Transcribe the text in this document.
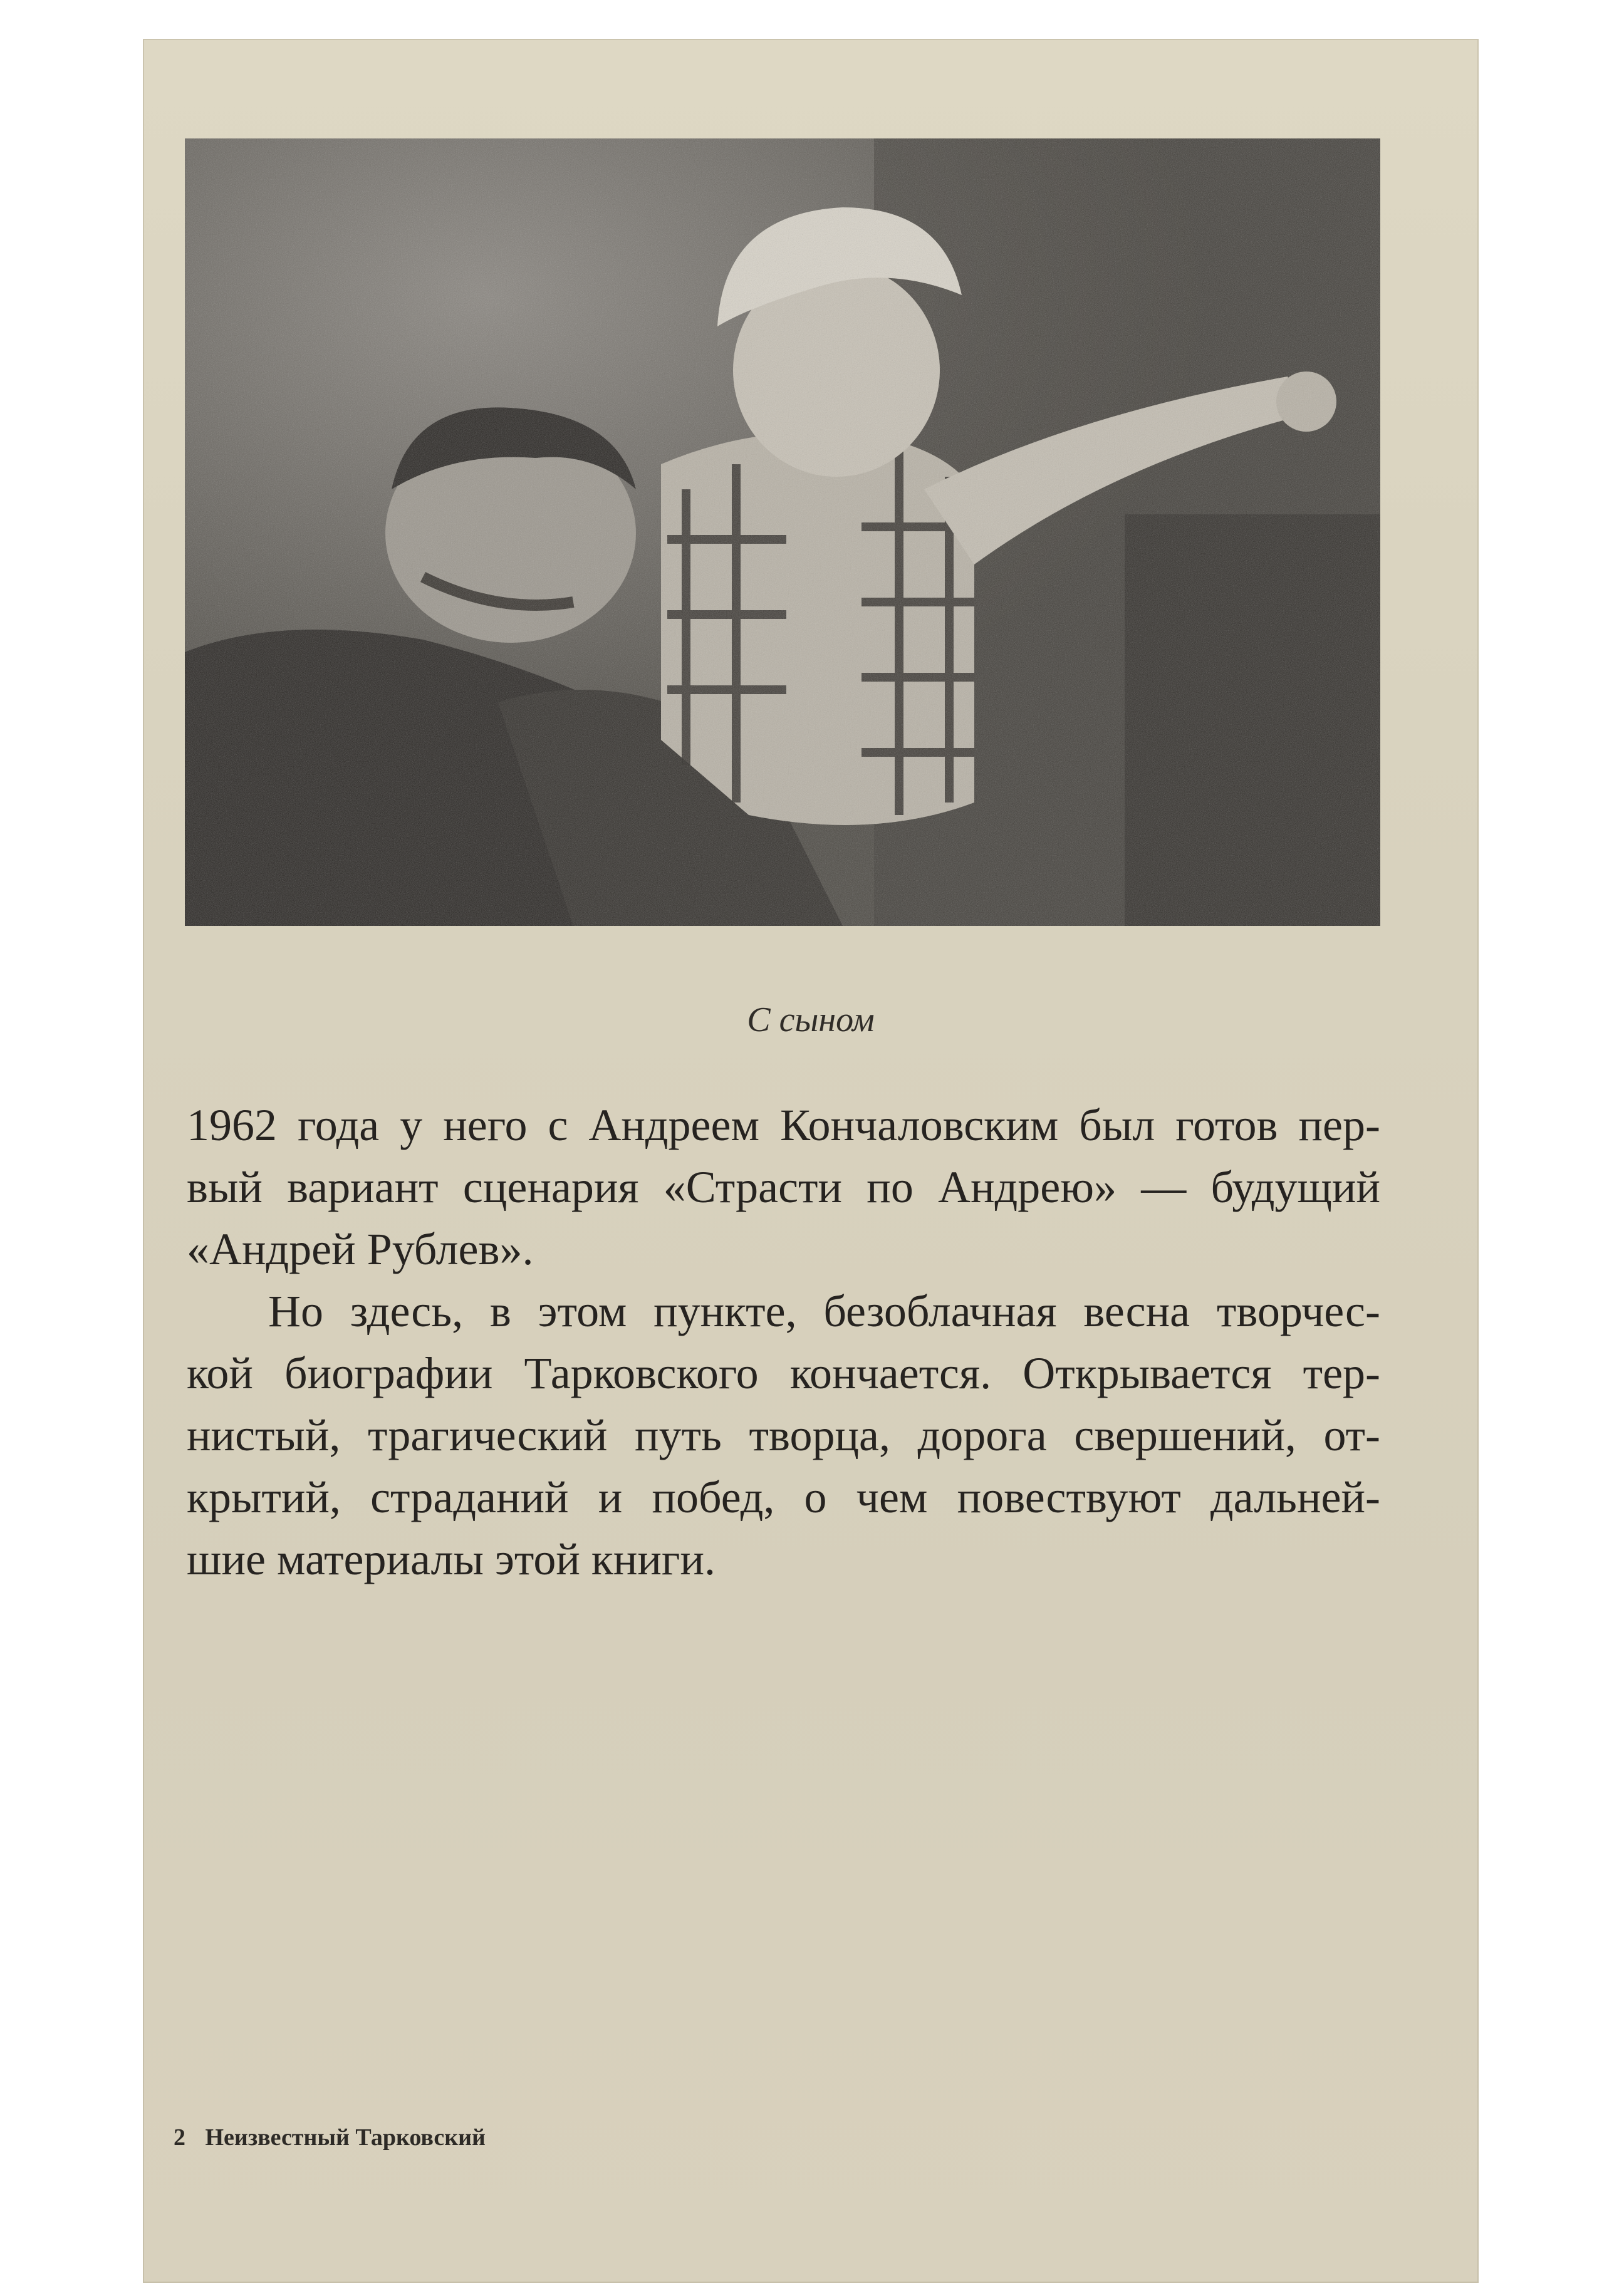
С сыном

1962 года у него с Андреем Кончаловским был готов пер-
вый вариант сценария «Страсти по Андрею» — будущий
«Андрей Рублев».
Но здесь, в этом пункте, безоблачная весна творчес-
кой биографии Тарковского кончается. Открывается тер-
нистый, трагический путь творца, дорога свершений, от-
крытий, страданий и побед, о чем повествуют дальней-
шие материалы этой книги.
2 Неизвестный Тарковский
